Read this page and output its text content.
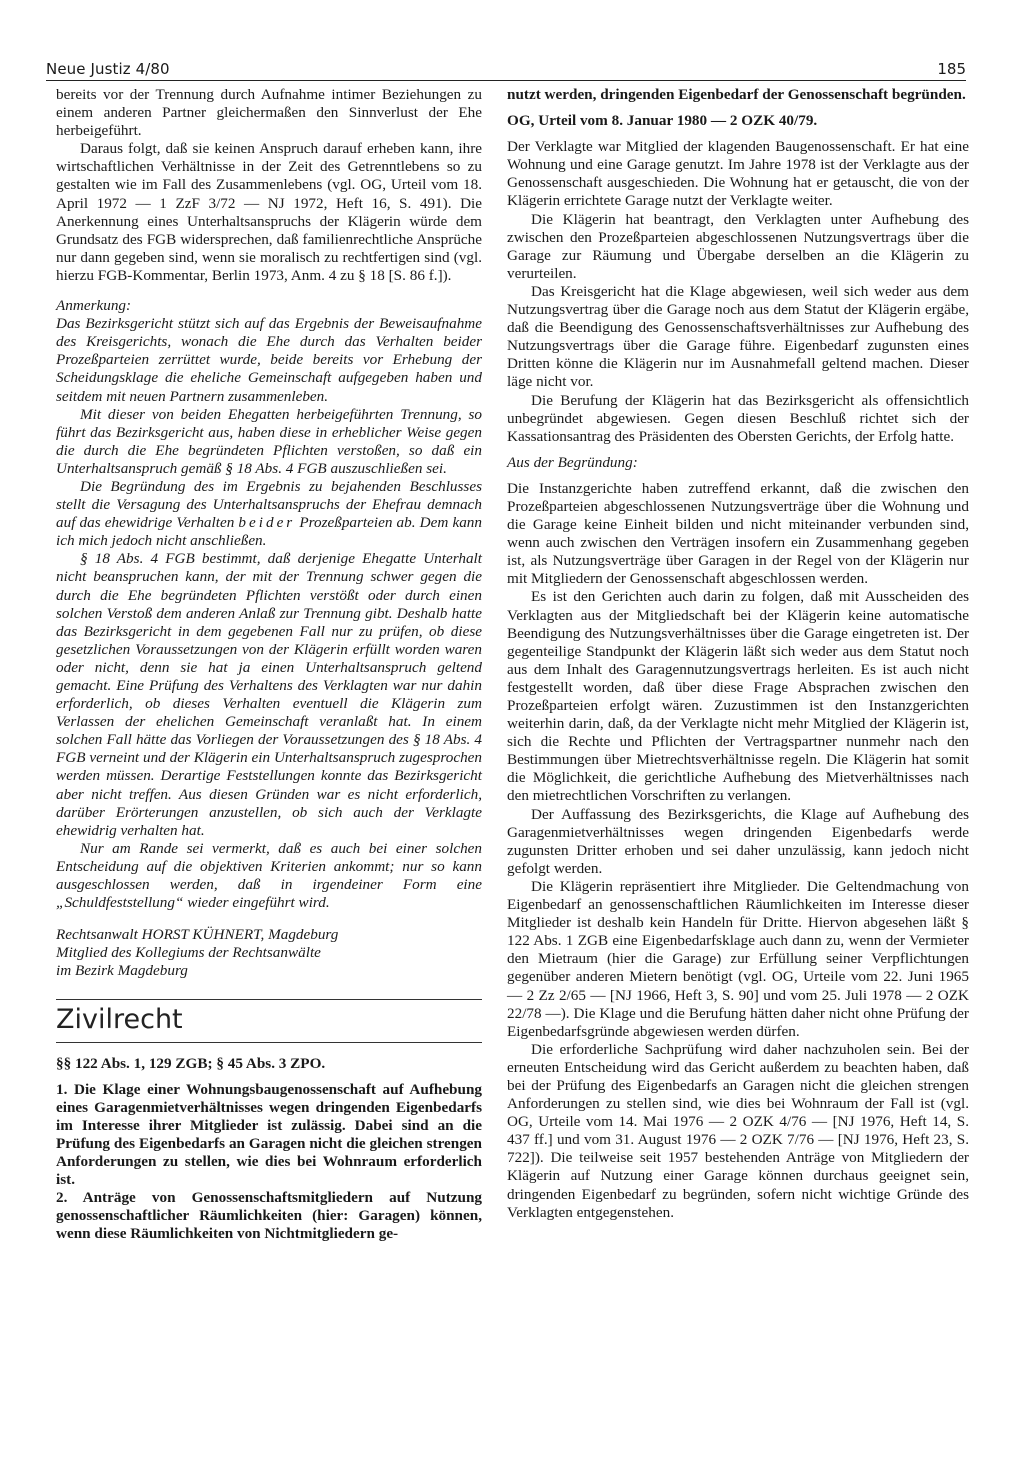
Neue Justiz 4/80	185

bereits vor der Trennung durch Aufnahme intimer Beziehungen zu einem anderen Partner gleichermaßen den Sinnverlust der Ehe herbeigeführt.

Daraus folgt, daß sie keinen Anspruch darauf erheben kann, ihre wirtschaftlichen Verhältnisse in der Zeit des Getrenntlebens so zu gestalten wie im Fall des Zusammenlebens (vgl. OG, Urteil vom 18. April 1972 — 1 ZzF 3/72 — NJ 1972, Heft 16, S. 491). Die Anerkennung eines Unterhaltsanspruchs der Klägerin würde dem Grundsatz des FGB widersprechen, daß familienrechtliche Ansprüche nur dann gegeben sind, wenn sie moralisch zu rechtfertigen sind (vgl. hierzu FGB-Kommentar, Berlin 1973, Anm. 4 zu § 18 [S. 86 f.]).

Anmerkung:

Das Bezirksgericht stützt sich auf das Ergebnis der Beweisaufnahme des Kreisgerichts, wonach die Ehe durch das Verhalten beider Prozeßparteien zerrüttet wurde, beide bereits vor Erhebung der Scheidungsklage die eheliche Gemeinschaft aufgegeben haben und seitdem mit neuen Partnern zusammenleben.

Mit dieser von beiden Ehegatten herbeigeführten Trennung, so führt das Bezirksgericht aus, haben diese in erheblicher Weise gegen die durch die Ehe begründeten Pflichten verstoßen, so daß ein Unterhaltsanspruch gemäß § 18 Abs. 4 FGB auszuschließen sei.

Die Begründung des im Ergebnis zu bejahenden Beschlusses stellt die Versagung des Unterhaltsanspruchs der Ehefrau demnach auf das ehewidrige Verhalten beider Prozeßparteien ab. Dem kann ich mich jedoch nicht anschließen.

§ 18 Abs. 4 FGB bestimmt, daß derjenige Ehegatte Unterhalt nicht beanspruchen kann, der mit der Trennung schwer gegen die durch die Ehe begründeten Pflichten verstößt oder durch einen solchen Verstoß dem anderen Anlaß zur Trennung gibt. Deshalb hatte das Bezirksgericht in dem gegebenen Fall nur zu prüfen, ob diese gesetzlichen Voraussetzungen von der Klägerin erfüllt worden waren oder nicht, denn sie hat ja einen Unterhaltsanspruch geltend gemacht. Eine Prüfung des Verhaltens des Verklagten war nur dahin erforderlich, ob dieses Verhalten eventuell die Klägerin zum Verlassen der ehelichen Gemeinschaft veranlaßt hat. In einem solchen Fall hätte das Vorliegen der Voraussetzungen des § 18 Abs. 4 FGB verneint und der Klägerin ein Unterhaltsanspruch zugesprochen werden müssen. Derartige Feststellungen konnte das Bezirksgericht aber nicht treffen. Aus diesen Gründen war es nicht erforderlich, darüber Erörterungen anzustellen, ob sich auch der Verklagte ehewidrig verhalten hat.

Nur am Rande sei vermerkt, daß es auch bei einer solchen Entscheidung auf die objektiven Kriterien ankommt; nur so kann ausgeschlossen werden, daß in irgendeiner Form eine „Schuldfeststellung“ wieder eingeführt wird.

Rechtsanwalt HORST KÜHNERT, Magdeburg

Mitglied des Kollegiums der Rechtsanwälte

im Bezirk Magdeburg

Zivilrecht

§§ 122 Abs. 1, 129 ZGB; § 45 Abs. 3 ZPO.

1. Die Klage einer Wohnungsbaugenossenschaft auf Aufhebung eines Garagenmietverhältnisses wegen dringenden Eigenbedarfs im Interesse ihrer Mitglieder ist zulässig. Dabei sind an die Prüfung des Eigenbedarfs an Garagen nicht die gleichen strengen Anforderungen zu stellen, wie dies bei Wohnraum erforderlich ist.

2. Anträge von Genossenschaftsmitgliedern auf Nutzung genossenschaftlicher Räumlichkeiten (hier: Garagen) können, wenn diese Räumlichkeiten von Nichtmitgliedern ge-

nutzt werden, dringenden Eigenbedarf der Genossenschaft begründen.

OG, Urteil vom 8. Januar 1980 — 2 OZK 40/79.

Der Verklagte war Mitglied der klagenden Baugenossenschaft. Er hat eine Wohnung und eine Garage genutzt. Im Jahre 1978 ist der Verklagte aus der Genossenschaft ausgeschieden. Die Wohnung hat er getauscht, die von der Klägerin errichtete Garage nutzt der Verklagte weiter.

Die Klägerin hat beantragt, den Verklagten unter Aufhebung des zwischen den Prozeßparteien abgeschlossenen Nutzungsvertrags über die Garage zur Räumung und Übergabe derselben an die Klägerin zu verurteilen.

Das Kreisgericht hat die Klage abgewiesen, weil sich weder aus dem Nutzungsvertrag über die Garage noch aus dem Statut der Klägerin ergäbe, daß die Beendigung des Genossenschaftsverhältnisses zur Aufhebung des Nutzungsvertrags über die Garage führe. Eigenbedarf zugunsten eines Dritten könne die Klägerin nur im Ausnahmefall geltend machen. Dieser läge nicht vor.

Die Berufung der Klägerin hat das Bezirksgericht als offensichtlich unbegründet abgewiesen. Gegen diesen Beschluß richtet sich der Kassationsantrag des Präsidenten des Obersten Gerichts, der Erfolg hatte.

Aus der Begründung:

Die Instanzgerichte haben zutreffend erkannt, daß die zwischen den Prozeßparteien abgeschlossenen Nutzungsverträge über die Wohnung und die Garage keine Einheit bilden und nicht miteinander verbunden sind, wenn auch zwischen den Verträgen insofern ein Zusammenhang gegeben ist, als Nutzungsverträge über Garagen in der Regel von der Klägerin nur mit Mitgliedern der Genossenschaft abgeschlossen werden.

Es ist den Gerichten auch darin zu folgen, daß mit Ausscheiden des Verklagten aus der Mitgliedschaft bei der Klägerin keine automatische Beendigung des Nutzungsverhältnisses über die Garage eingetreten ist. Der gegenteilige Standpunkt der Klägerin läßt sich weder aus dem Statut noch aus dem Inhalt des Garagennutzungsvertrags herleiten. Es ist auch nicht festgestellt worden, daß über diese Frage Absprachen zwischen den Prozeßparteien erfolgt wären. Zuzustimmen ist den Instanzgerichten weiterhin darin, daß, da der Verklagte nicht mehr Mitglied der Klägerin ist, sich die Rechte und Pflichten der Vertragspartner nunmehr nach den Bestimmungen über Mietrechtsverhältnisse regeln. Die Klägerin hat somit die Möglichkeit, die gerichtliche Aufhebung des Mietverhältnisses nach den mietrechtlichen Vorschriften zu verlangen.

Der Auffassung des Bezirksgerichts, die Klage auf Aufhebung des Garagenmietverhältnisses wegen dringenden Eigenbedarfs werde zugunsten Dritter erhoben und sei daher unzulässig, kann jedoch nicht gefolgt werden.

Die Klägerin repräsentiert ihre Mitglieder. Die Geltendmachung von Eigenbedarf an genossenschaftlichen Räumlichkeiten im Interesse dieser Mitglieder ist deshalb kein Handeln für Dritte. Hiervon abgesehen läßt § 122 Abs. 1 ZGB eine Eigenbedarfsklage auch dann zu, wenn der Vermieter den Mietraum (hier die Garage) zur Erfüllung seiner Verpflichtungen gegenüber anderen Mietern benötigt (vgl. OG, Urteile vom 22. Juni 1965 — 2 Zz 2/65 — [NJ 1966, Heft 3, S. 90] und vom 25. Juli 1978 — 2 OZK 22/78 —). Die Klage und die Berufung hätten daher nicht ohne Prüfung der Eigenbedarfsgründe abgewiesen werden dürfen.

Die erforderliche Sachprüfung wird daher nachzuholen sein. Bei der erneuten Entscheidung wird das Gericht außerdem zu beachten haben, daß bei der Prüfung des Eigenbedarfs an Garagen nicht die gleichen strengen Anforderungen zu stellen sind, wie dies bei Wohnraum der Fall ist (vgl. OG, Urteile vom 14. Mai 1976 — 2 OZK 4/76 — [NJ 1976, Heft 14, S. 437 ff.] und vom 31. August 1976 — 2 OZK 7/76 — [NJ 1976, Heft 23, S. 722]). Die teilweise seit 1957 bestehenden Anträge von Mitgliedern der Klägerin auf Nutzung einer Garage können durchaus geeignet sein, dringenden Eigenbedarf zu begründen, sofern nicht wichtige Gründe des Verklagten entgegenstehen.
